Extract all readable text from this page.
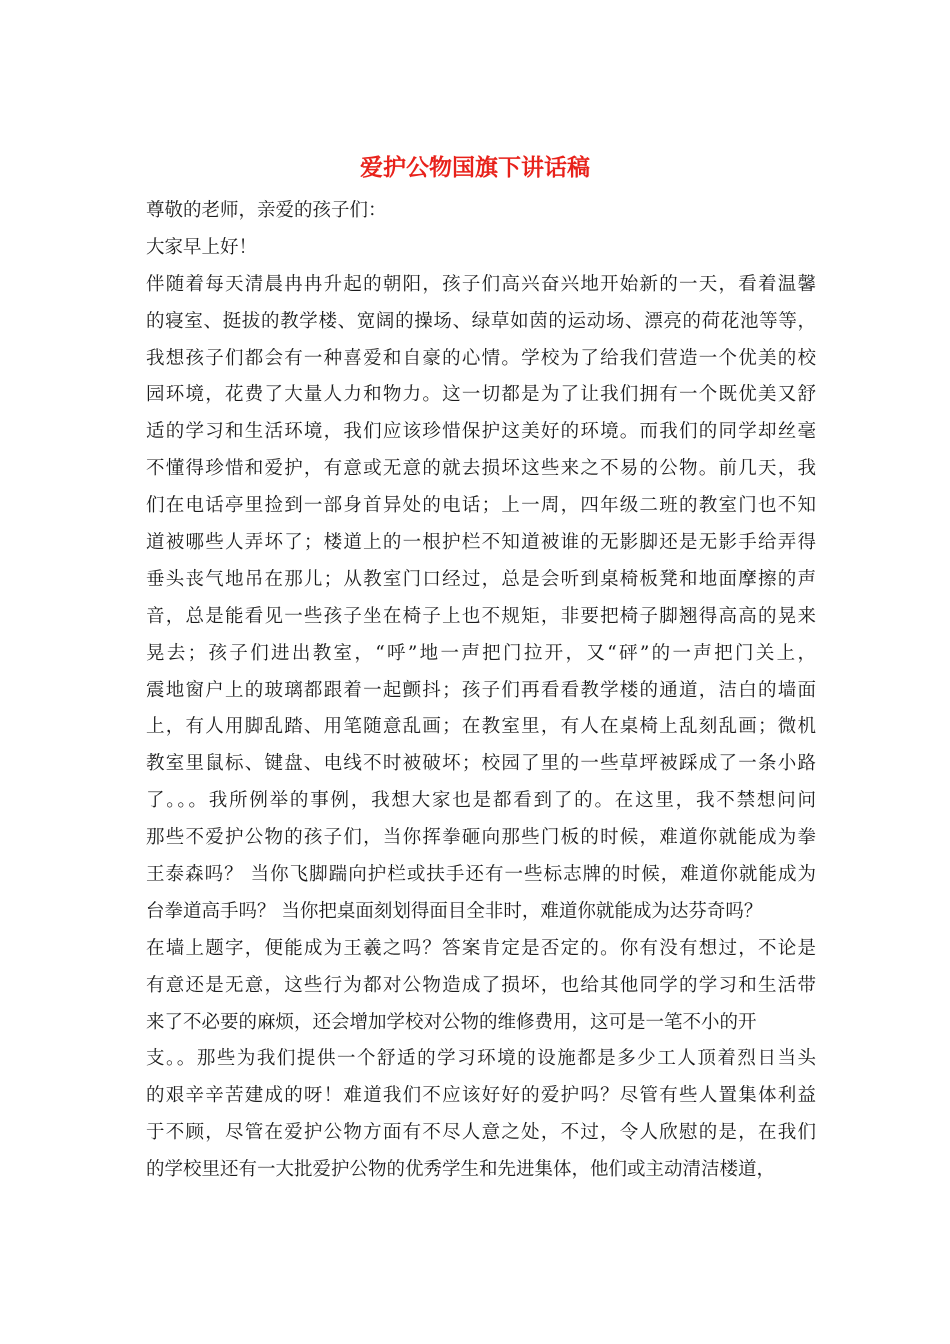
爱护公物国旗下讲话稿
尊敬的老师，亲爱的孩子们：
大家早上好！
伴随着每天清晨冉冉升起的朝阳，孩子们高兴奋兴地开始新的一天，看着温馨
的寝室、挺拔的教学楼、宽阔的操场、绿草如茵的运动场、漂亮的荷花池等等，
我想孩子们都会有一种喜爱和自豪的心情。学校为了给我们营造一个优美的校
园环境，花费了大量人力和物力。这一切都是为了让我们拥有一个既优美又舒
适的学习和生活环境，我们应该珍惜保护这美好的环境。而我们的同学却丝毫
不懂得珍惜和爱护，有意或无意的就去损坏这些来之不易的公物。前几天，我
们在电话亭里捡到一部身首异处的电话；上一周，四年级二班的教室门也不知
道被哪些人弄坏了；楼道上的一根护栏不知道被谁的无影脚还是无影手给弄得
垂头丧气地吊在那儿；从教室门口经过，总是会听到桌椅板凳和地面摩擦的声
音，总是能看见一些孩子坐在椅子上也不规矩，非要把椅子脚翘得高高的晃来
晃去；孩子们进出教室，“呼”地一声把门拉开，又“砰”的一声把门关上，
震地窗户上的玻璃都跟着一起颤抖；孩子们再看看教学楼的通道，洁白的墙面
上，有人用脚乱踏、用笔随意乱画；在教室里，有人在桌椅上乱刻乱画；微机
教室里鼠标、键盘、电线不时被破坏；校园了里的一些草坪被踩成了一条小路
了。。。我所例举的事例，我想大家也是都看到了的。在这里，我不禁想问问
那些不爱护公物的孩子们，当你挥拳砸向那些门板的时候，难道你就能成为拳
王泰森吗？ 当你飞脚踹向护栏或扶手还有一些标志牌的时候，难道你就能成为
台拳道高手吗？ 当你把桌面刻划得面目全非时，难道你就能成为达芬奇吗？
在墙上题字，便能成为王羲之吗？答案肯定是否定的。你有没有想过，不论是
有意还是无意，这些行为都对公物造成了损坏，也给其他同学的学习和生活带
来了不必要的麻烦，还会增加学校对公物的维修费用，这可是一笔不小的开
支。。那些为我们提供一个舒适的学习环境的设施都是多少工人顶着烈日当头
的艰辛辛苦建成的呀！难道我们不应该好好的爱护吗？尽管有些人置集体利益
于不顾，尽管在爱护公物方面有不尽人意之处，不过，令人欣慰的是，在我们
的学校里还有一大批爱护公物的优秀学生和先进集体，他们或主动清洁楼道，
